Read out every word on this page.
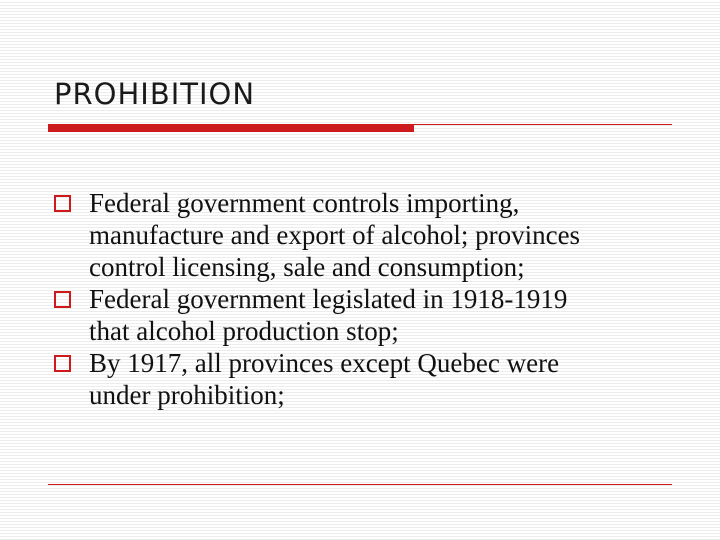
PROHIBITION
Federal government controls importing,
manufacture and export of alcohol; provinces
control licensing, sale and consumption;
Federal government legislated in 1918-1919
that alcohol production stop;
By 1917, all provinces except Quebec were
under prohibition;
